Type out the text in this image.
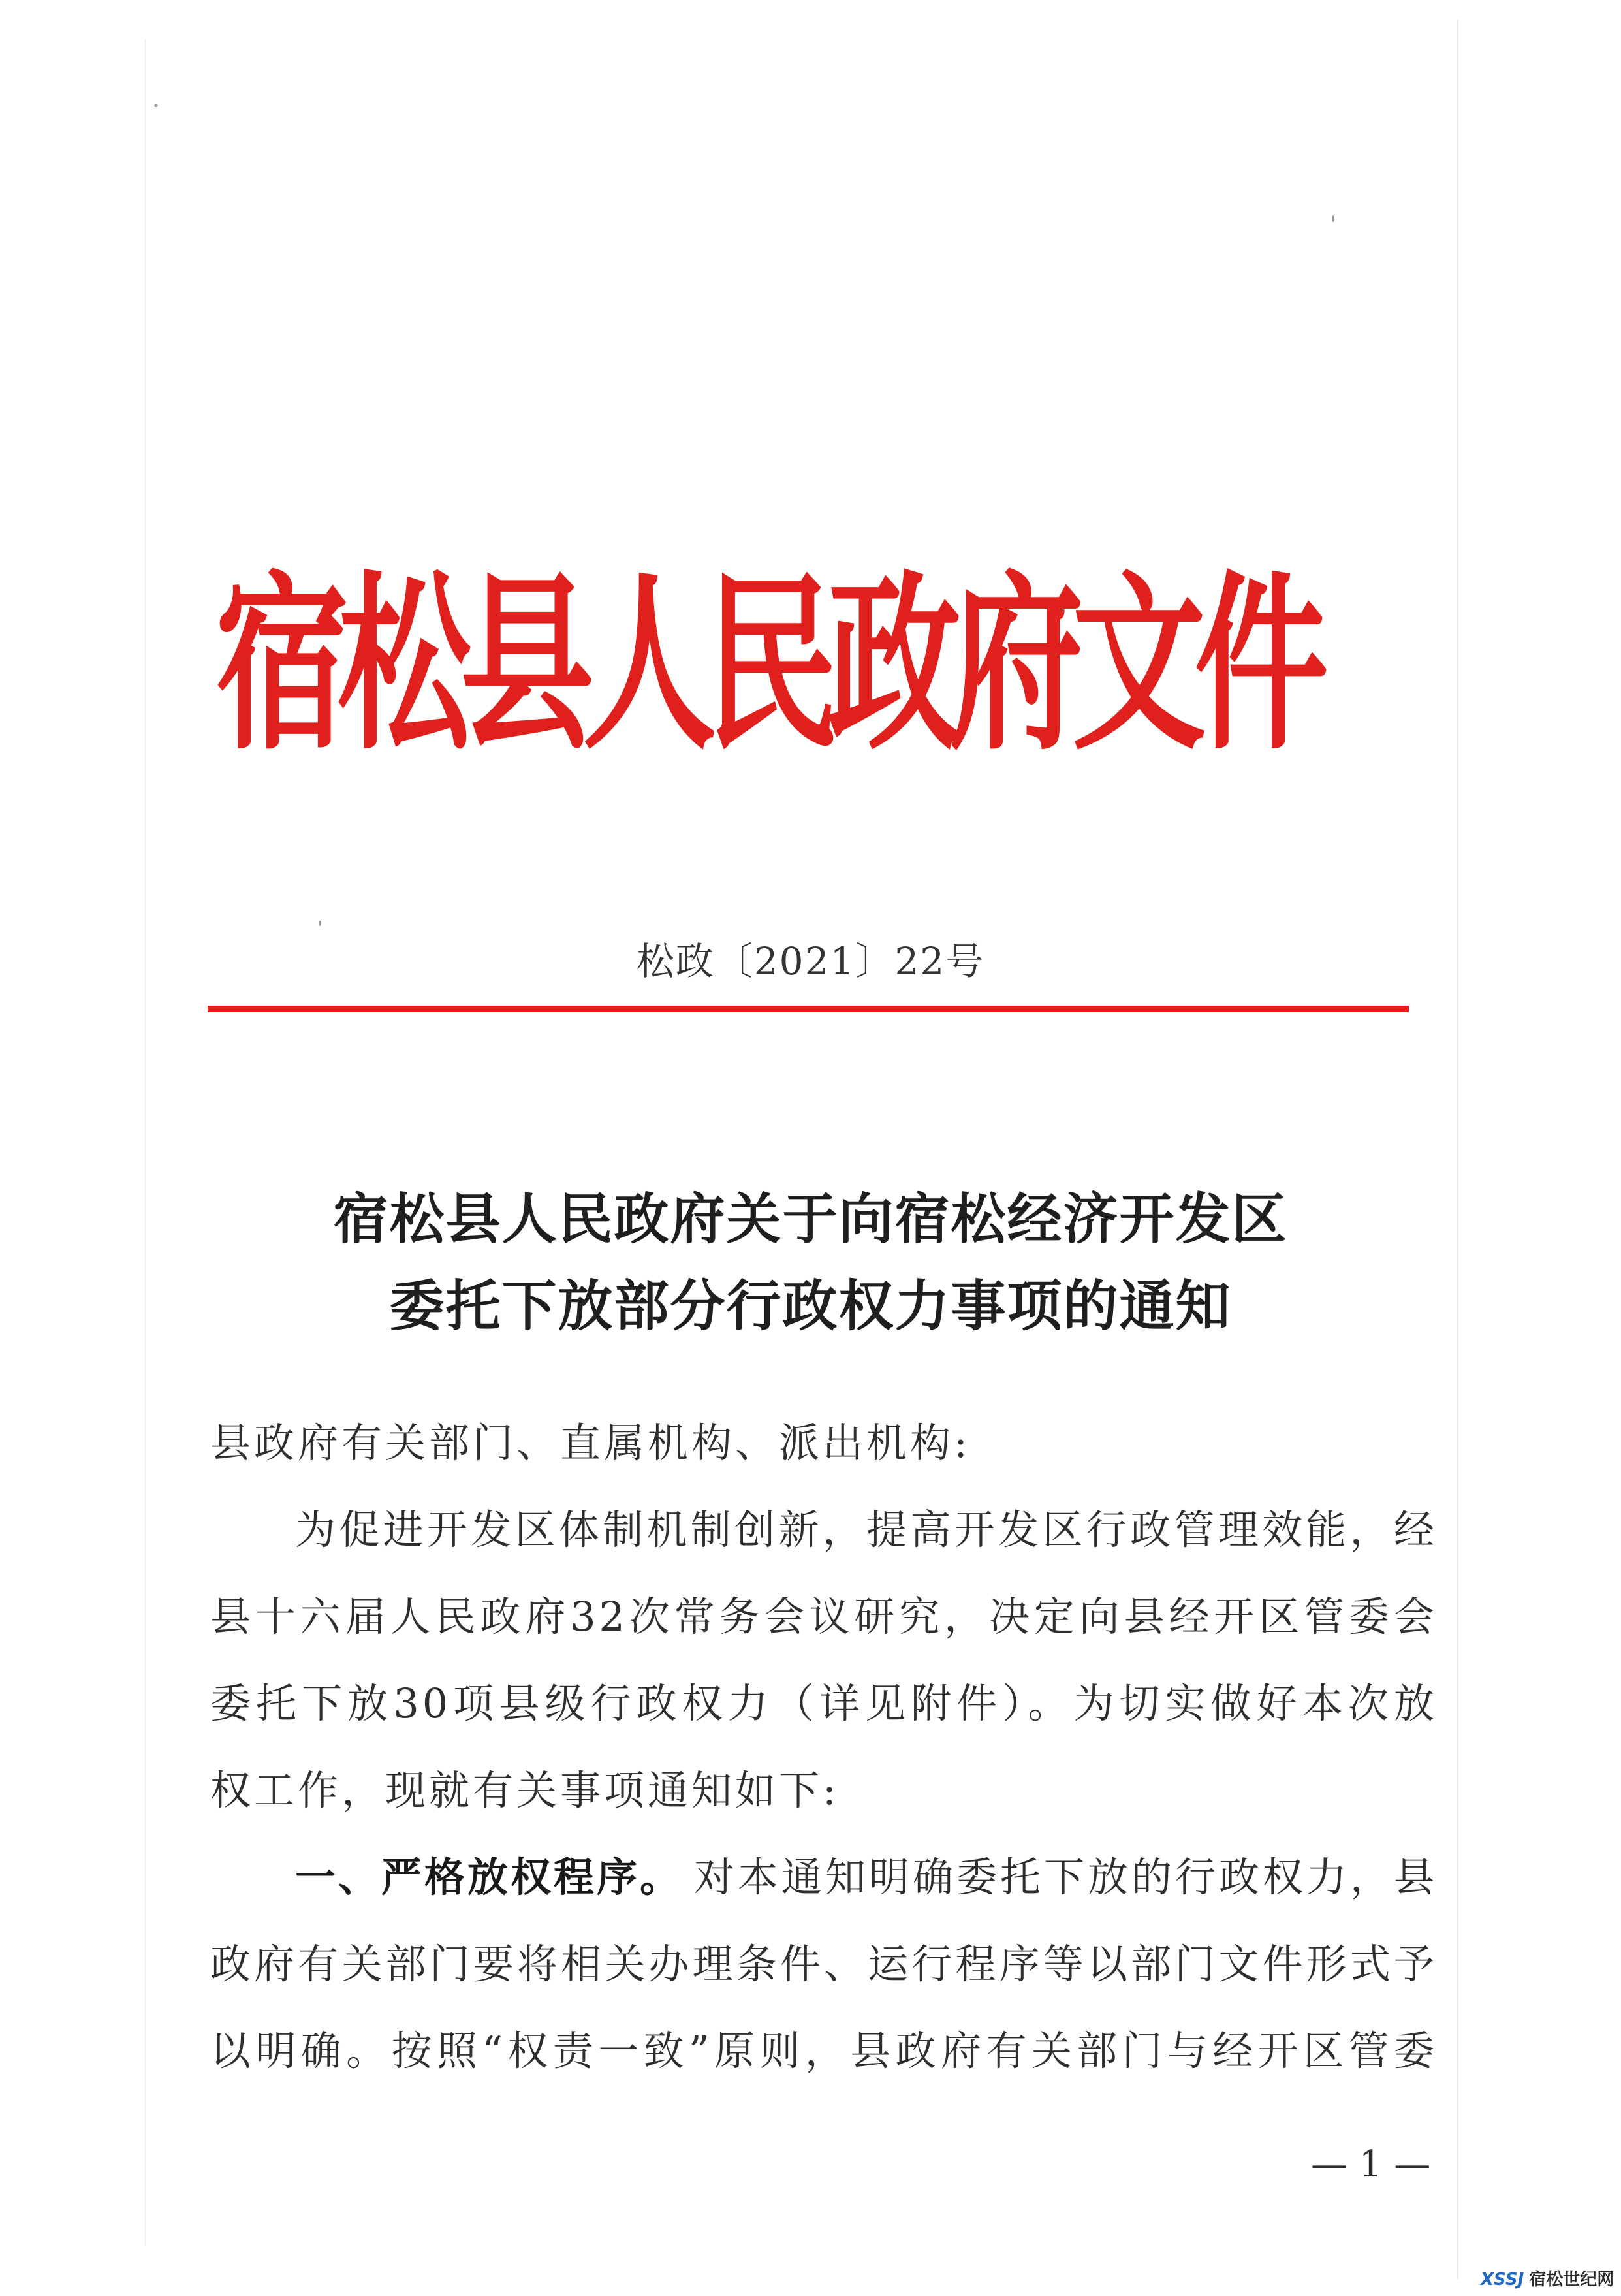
宿松县人民政府文件
松政〔2021〕22号
宿松县人民政府关于向宿松经济开发区
委托下放部分行政权力事项的通知
县政府有关部门、直属机构、派出机构:
为促进开发区体制机制创新，提高开发区行政管理效能，经
县十六届人民政府32次常务会议研究，决定向县经开区管委会
委托下放30项县级行政权力（详见附件）。为切实做好本次放
权工作，现就有关事项通知如下:
一、严格放权程序。 对本通知明确委托下放的行政权力，县
政府有关部门要将相关办理条件、运行程序等以部门文件形式予
以明确。按照“权责一致”原则，县政府有关部门与经开区管委
— 1 —
XSSJ 宿松世纪网
